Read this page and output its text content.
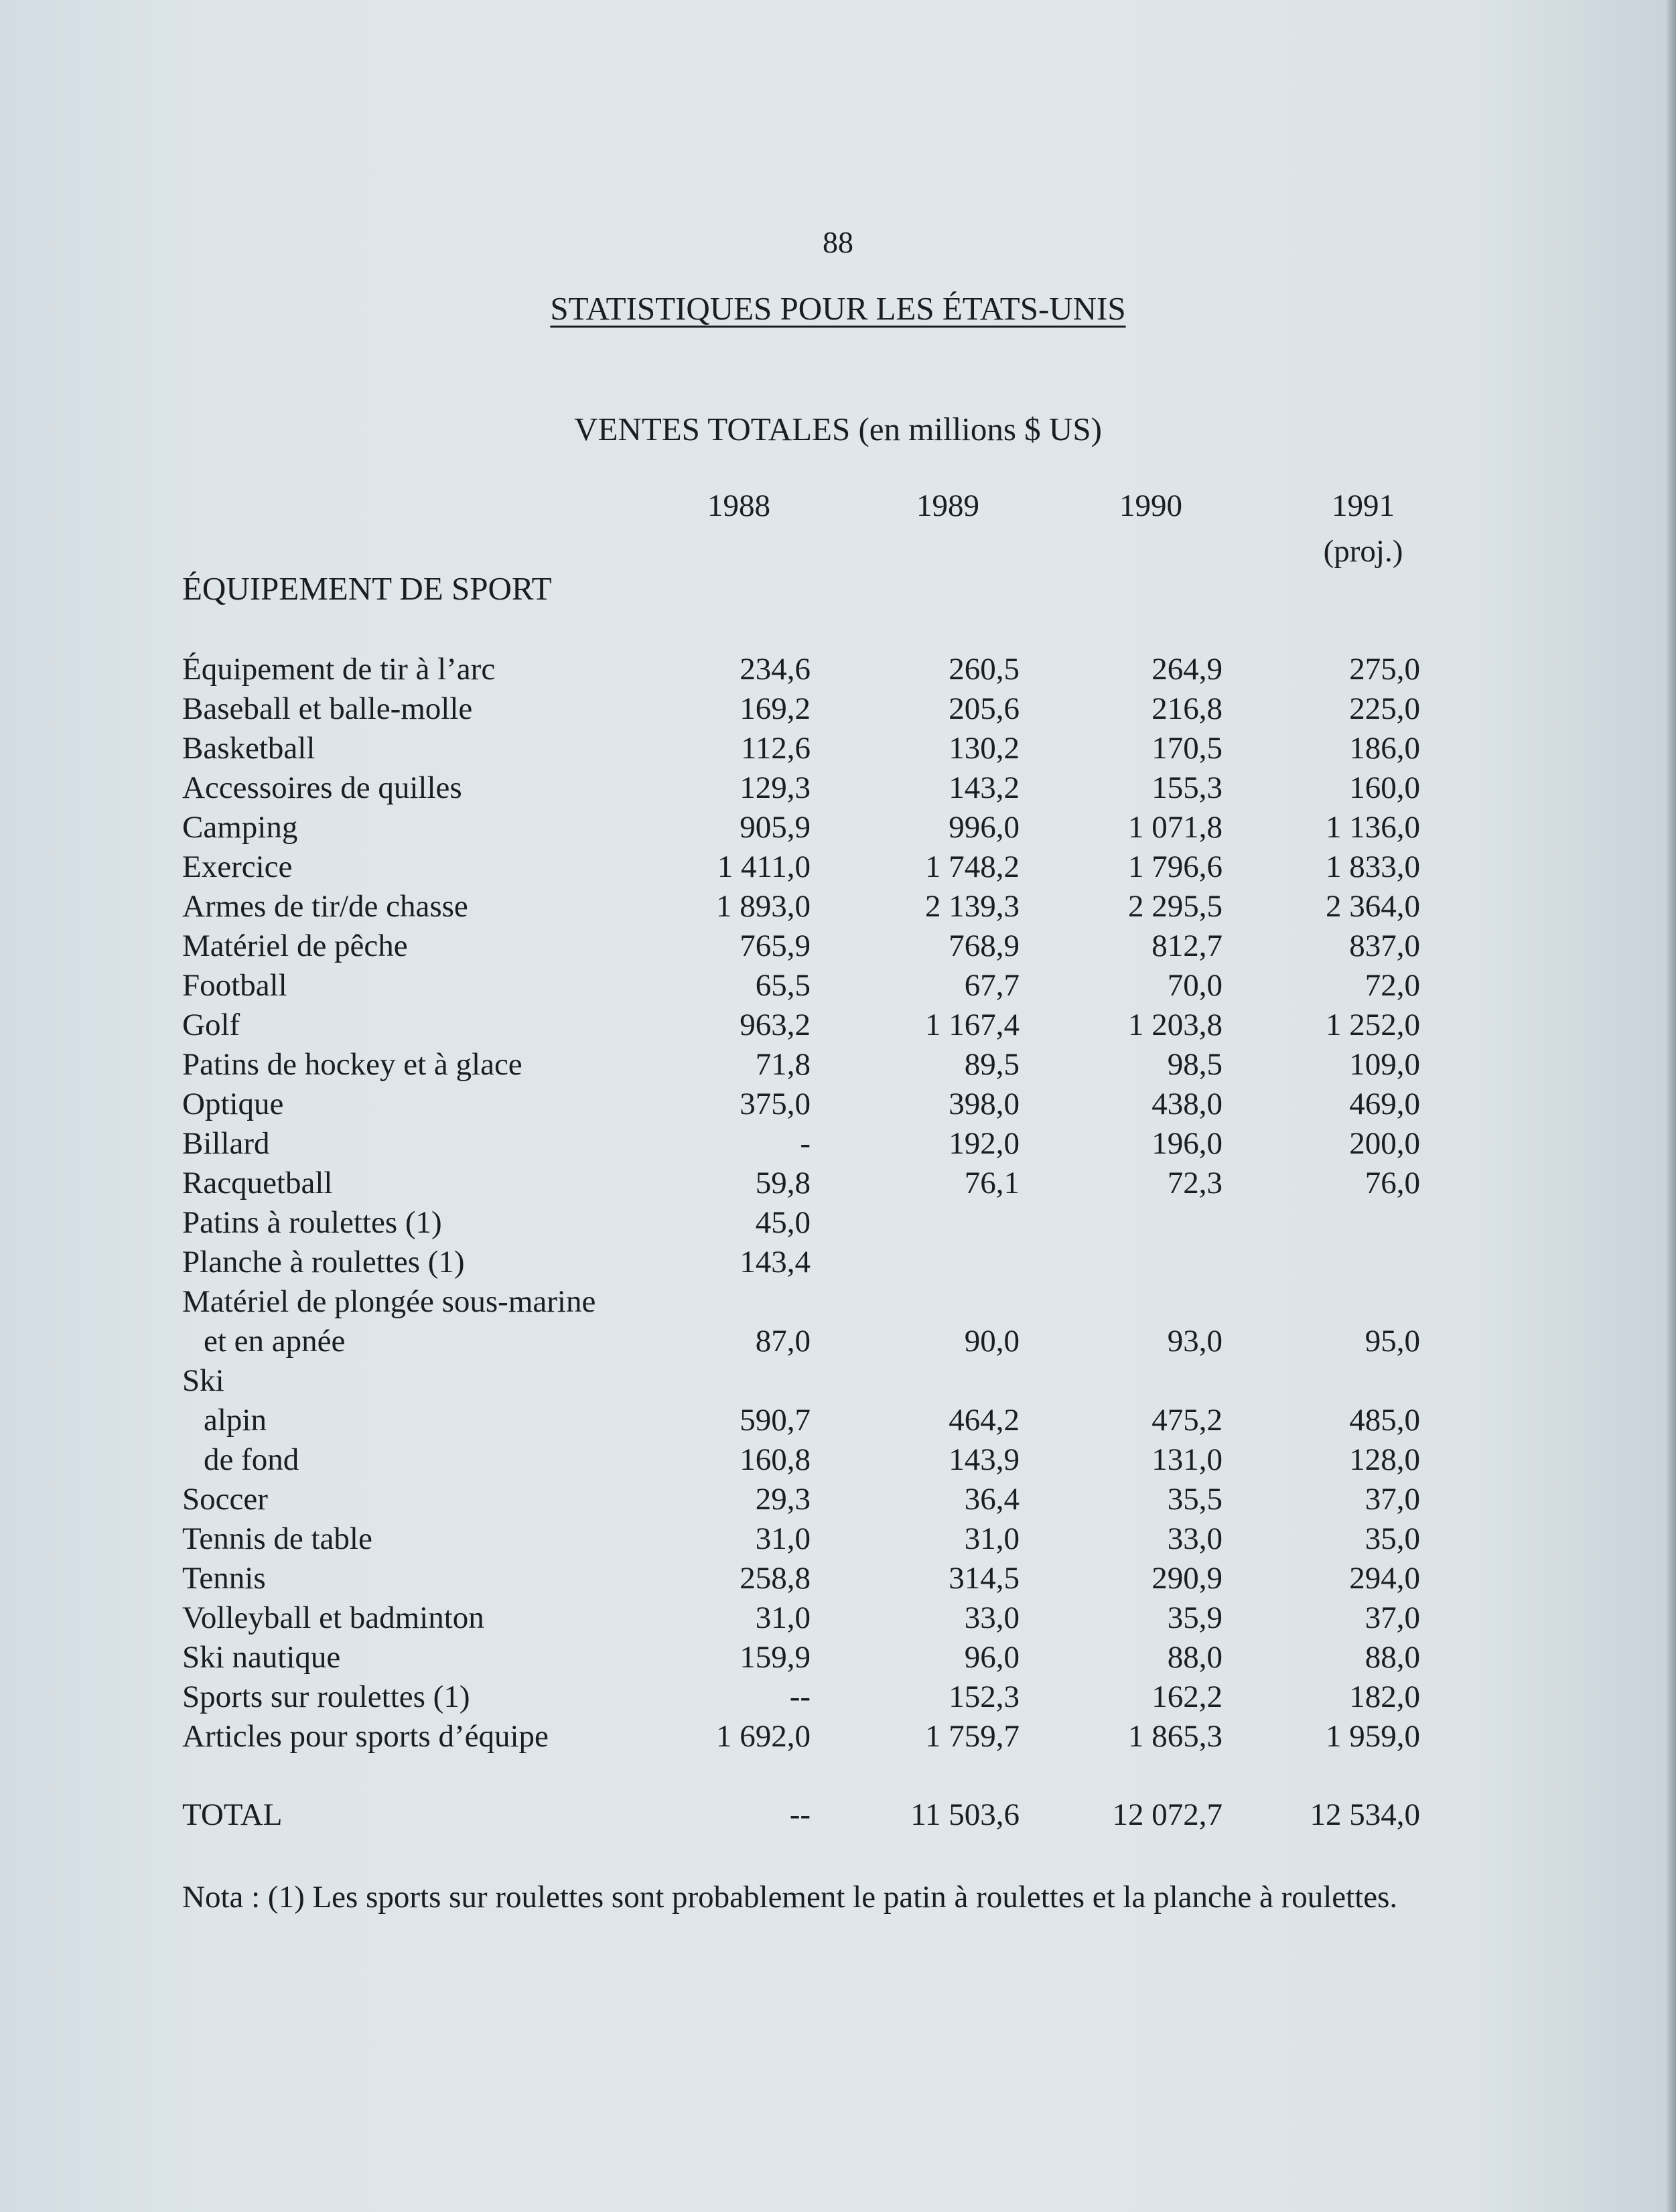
88
STATISTIQUES POUR LES ÉTATS-UNIS
VENTES TOTALES (en millions $ US)
1988	1989	1990	1991
(proj.)
ÉQUIPEMENT DE SPORT
Équipement de tir à l’arc	234,6	260,5	264,9	275,0
Baseball et balle-molle	169,2	205,6	216,8	225,0
Basketball	112,6	130,2	170,5	186,0
Accessoires de quilles	129,3	143,2	155,3	160,0
Camping	905,9	996,0	1 071,8	1 136,0
Exercice	1 411,0	1 748,2	1 796,6	1 833,0
Armes de tir/de chasse	1 893,0	2 139,3	2 295,5	2 364,0
Matériel de pêche	765,9	768,9	812,7	837,0
Football	65,5	67,7	70,0	72,0
Golf	963,2	1 167,4	1 203,8	1 252,0
Patins de hockey et à glace	71,8	89,5	98,5	109,0
Optique	375,0	398,0	438,0	469,0
Billard	-	192,0	196,0	200,0
Racquetball	59,8	76,1	72,3	76,0
Patins à roulettes (1)	45,0
Planche à roulettes (1)	143,4
Matériel de plongée sous-marine
et en apnée	87,0	90,0	93,0	95,0
Ski
alpin	590,7	464,2	475,2	485,0
de fond	160,8	143,9	131,0	128,0
Soccer	29,3	36,4	35,5	37,0
Tennis de table	31,0	31,0	33,0	35,0
Tennis	258,8	314,5	290,9	294,0
Volleyball et badminton	31,0	33,0	35,9	37,0
Ski nautique	159,9	96,0	88,0	88,0
Sports sur roulettes (1)	--	152,3	162,2	182,0
Articles pour sports d’équipe	1 692,0	1 759,7	1 865,3	1 959,0
TOTAL	--	11 503,6	12 072,7	12 534,0
Nota : (1) Les sports sur roulettes sont probablement le patin à roulettes et la planche à roulettes.
